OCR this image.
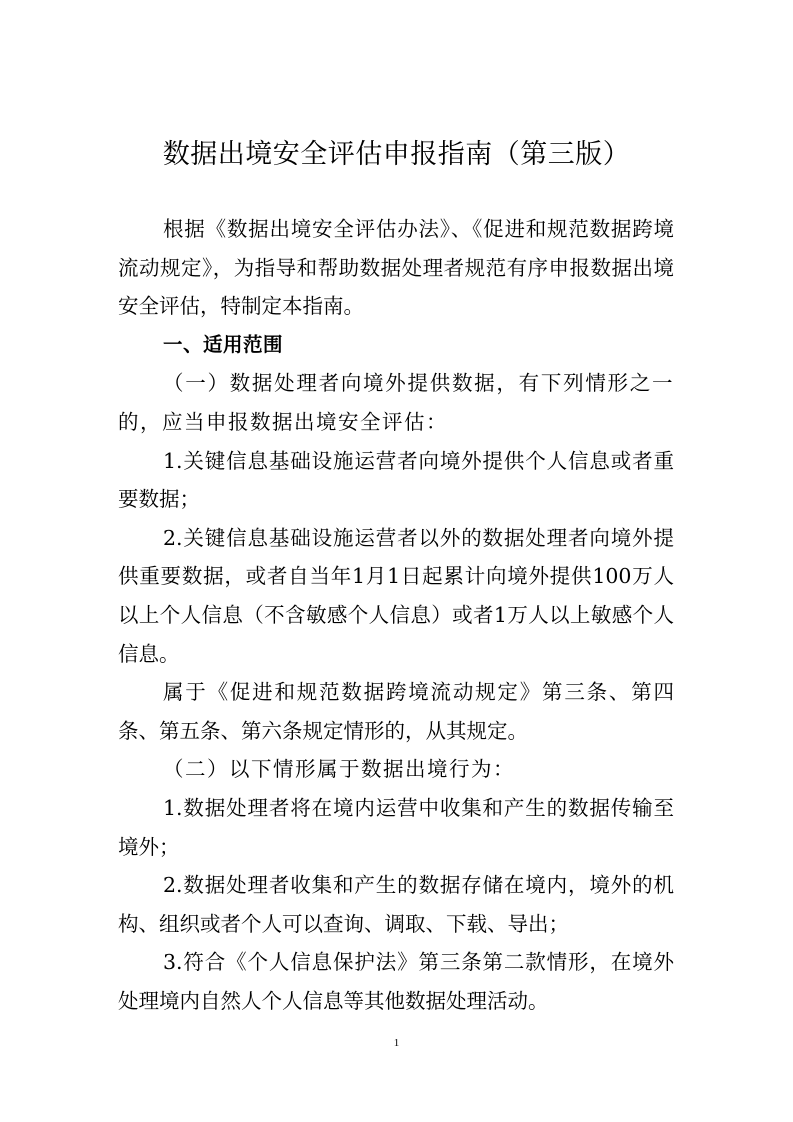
数据出境安全评估申报指南（第三版）

根据《数据出境安全评估办法》、《促进和规范数据跨境流动规定》，为指导和帮助数据处理者规范有序申报数据出境安全评估，特制定本指南。

一、适用范围

（一）数据处理者向境外提供数据，有下列情形之一的，应当申报数据出境安全评估：

1.关键信息基础设施运营者向境外提供个人信息或者重要数据；

2.关键信息基础设施运营者以外的数据处理者向境外提供重要数据，或者自当年1月1日起累计向境外提供100万人以上个人信息（不含敏感个人信息）或者1万人以上敏感个人信息。

属于《促进和规范数据跨境流动规定》第三条、第四条、第五条、第六条规定情形的，从其规定。

（二）以下情形属于数据出境行为：

1.数据处理者将在境内运营中收集和产生的数据传输至境外；

2.数据处理者收集和产生的数据存储在境内，境外的机构、组织或者个人可以查询、调取、下载、导出；

3.符合《个人信息保护法》第三条第二款情形，在境外处理境内自然人个人信息等其他数据处理活动。

1
